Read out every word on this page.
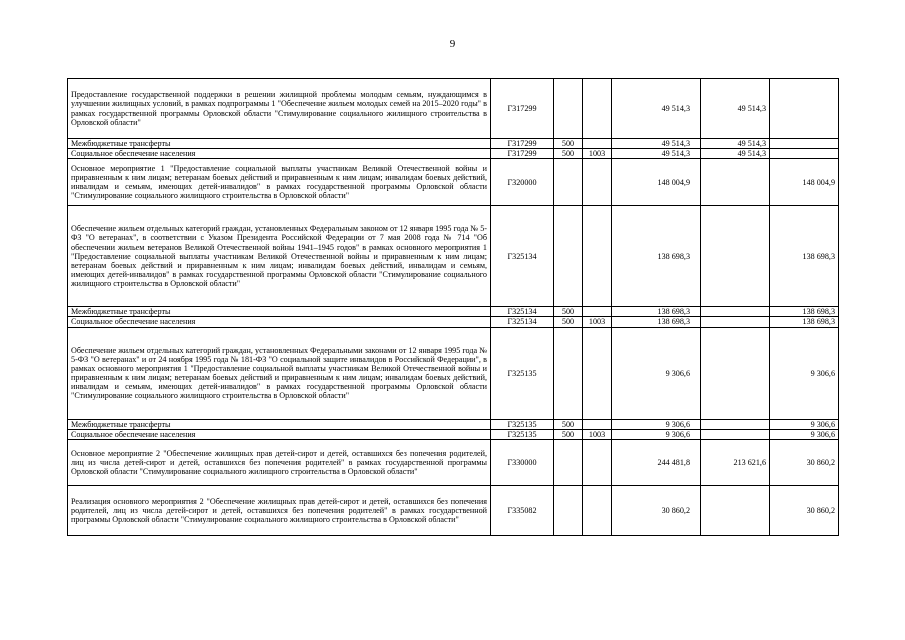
9
Предоставление государственной поддержки в решении жилищной проблемы молодым семьям, нуждающимся в улучшении жилищных условий, в рамках подпрограммы 1 "Обеспечение жильем молодых семей на 2015–2020 годы" в рамках государственной программы Орловской области "Стимулирование социального жилищного строительства в Орловской области"	Г317299			49 514,3	49 514,3	
Межбюджетные трансферты	Г317299	500		49 514,3	49 514,3	
Социальное обеспечение населения	Г317299	500	1003	49 514,3	49 514,3	
Основное мероприятие 1 "Предоставление социальной выплаты участникам Великой Отечественной войны и приравненным к ним лицам; ветеранам боевых действий и приравненным к ним лицам; инвалидам боевых действий, инвалидам и семьям, имеющих детей-инвалидов" в рамках государственной программы Орловской области "Стимулирование социального жилищного строительства в Орловской области"	Г320000			148 004,9		148 004,9
Обеспечение жильем отдельных категорий граждан, установленных Федеральным законом от 12 января 1995 года № 5-ФЗ "О ветеранах", в соответствии с Указом Президента Российской Федерации от 7 мая 2008 года № 714 "Об обеспечении жильем ветеранов Великой Отечественной войны 1941–1945 годов" в рамках основного мероприятия 1 "Предоставление социальной выплаты участникам Великой Отечественной войны и приравненным к ним лицам; ветеранам боевых действий и приравненным к ним лицам; инвалидам боевых действий, инвалидам и семьям, имеющих детей-инвалидов" в рамках государственной программы Орловской области "Стимулирование социального жилищного строительства в Орловской области"	Г325134			138 698,3		138 698,3
Межбюджетные трансферты	Г325134	500		138 698,3		138 698,3
Социальное обеспечение населения	Г325134	500	1003	138 698,3		138 698,3
Обеспечение жильем отдельных категорий граждан, установленных Федеральными законами от 12 января 1995 года № 5-ФЗ "О ветеранах" и от 24 ноября 1995 года № 181-ФЗ "О социальной защите инвалидов в Российской Федерации", в рамках основного мероприятия 1 "Предоставление социальной выплаты участникам Великой Отечественной войны и приравненным к ним лицам; ветеранам боевых действий и приравненным к ним лицам; инвалидам боевых действий, инвалидам и семьям, имеющих детей-инвалидов" в рамках государственной программы Орловской области "Стимулирование социального жилищного строительства в Орловской области"	Г325135			9 306,6		9 306,6
Межбюджетные трансферты	Г325135	500		9 306,6		9 306,6
Социальное обеспечение населения	Г325135	500	1003	9 306,6		9 306,6
Основное мероприятие 2 "Обеспечение жилищных прав детей-сирот и детей, оставшихся без попечения родителей, лиц из числа детей-сирот и детей, оставшихся без попечения родителей" в рамках государственной программы Орловской области "Стимулирование социального жилищного строительства в Орловской области"	Г330000			244 481,8	213 621,6	30 860,2
Реализация основного мероприятия 2 "Обеспечение жилищных прав детей-сирот и детей, оставшихся без попечения родителей, лиц из числа детей-сирот и детей, оставшихся без попечения родителей" в рамках государственной программы Орловской области "Стимулирование социального жилищного строительства в Орловской области"	Г335082			30 860,2		30 860,2
